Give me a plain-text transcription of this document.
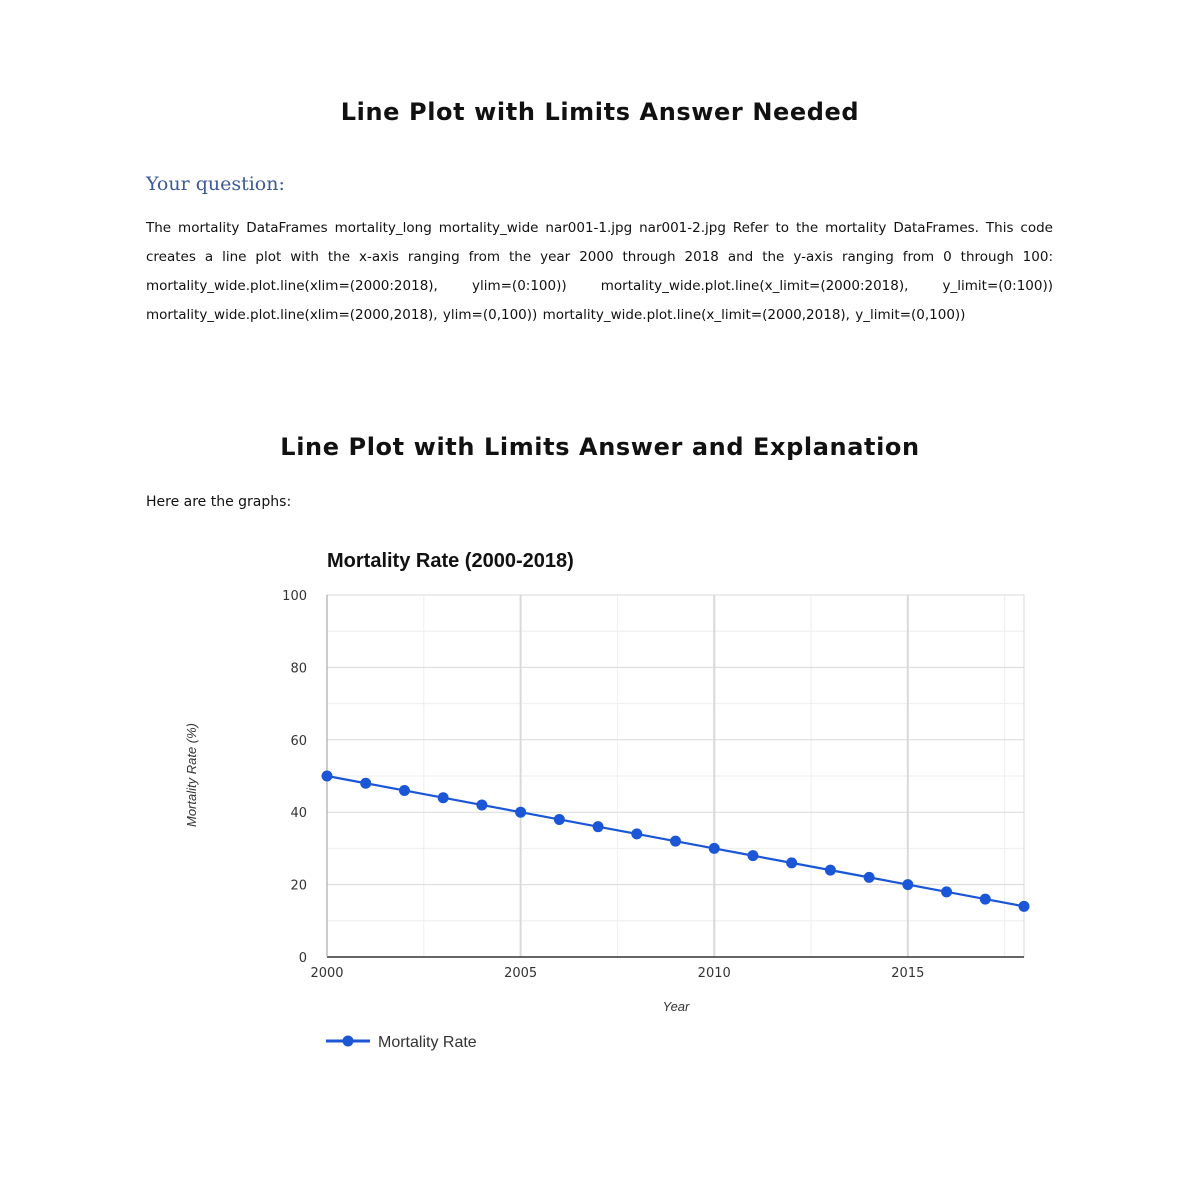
Line Plot with Limits Answer Needed

Your question:

The mortality DataFrames mortality_long mortality_wide nar001-1.jpg nar001-2.jpg Refer to the mortality DataFrames. This code creates a line plot with the x-axis ranging from the year 2000 through 2018 and the y-axis ranging from 0 through 100: mortality_wide.plot.line(xlim=(2000:2018), ylim=(0:100)) mortality_wide.plot.line(x_limit=(2000:2018), y_limit=(0:100)) mortality_wide.plot.line(xlim=(2000,2018), ylim=(0,100)) mortality_wide.plot.line(x_limit=(2000,2018), y_limit=(0,100))

Line Plot with Limits Answer and Explanation

Here are the graphs:

Mortality Rate (2000-2018)
0
20
40
60
80
100
2000	2005	2010	2015
Year
Mortality Rate (%)
Mortality Rate
